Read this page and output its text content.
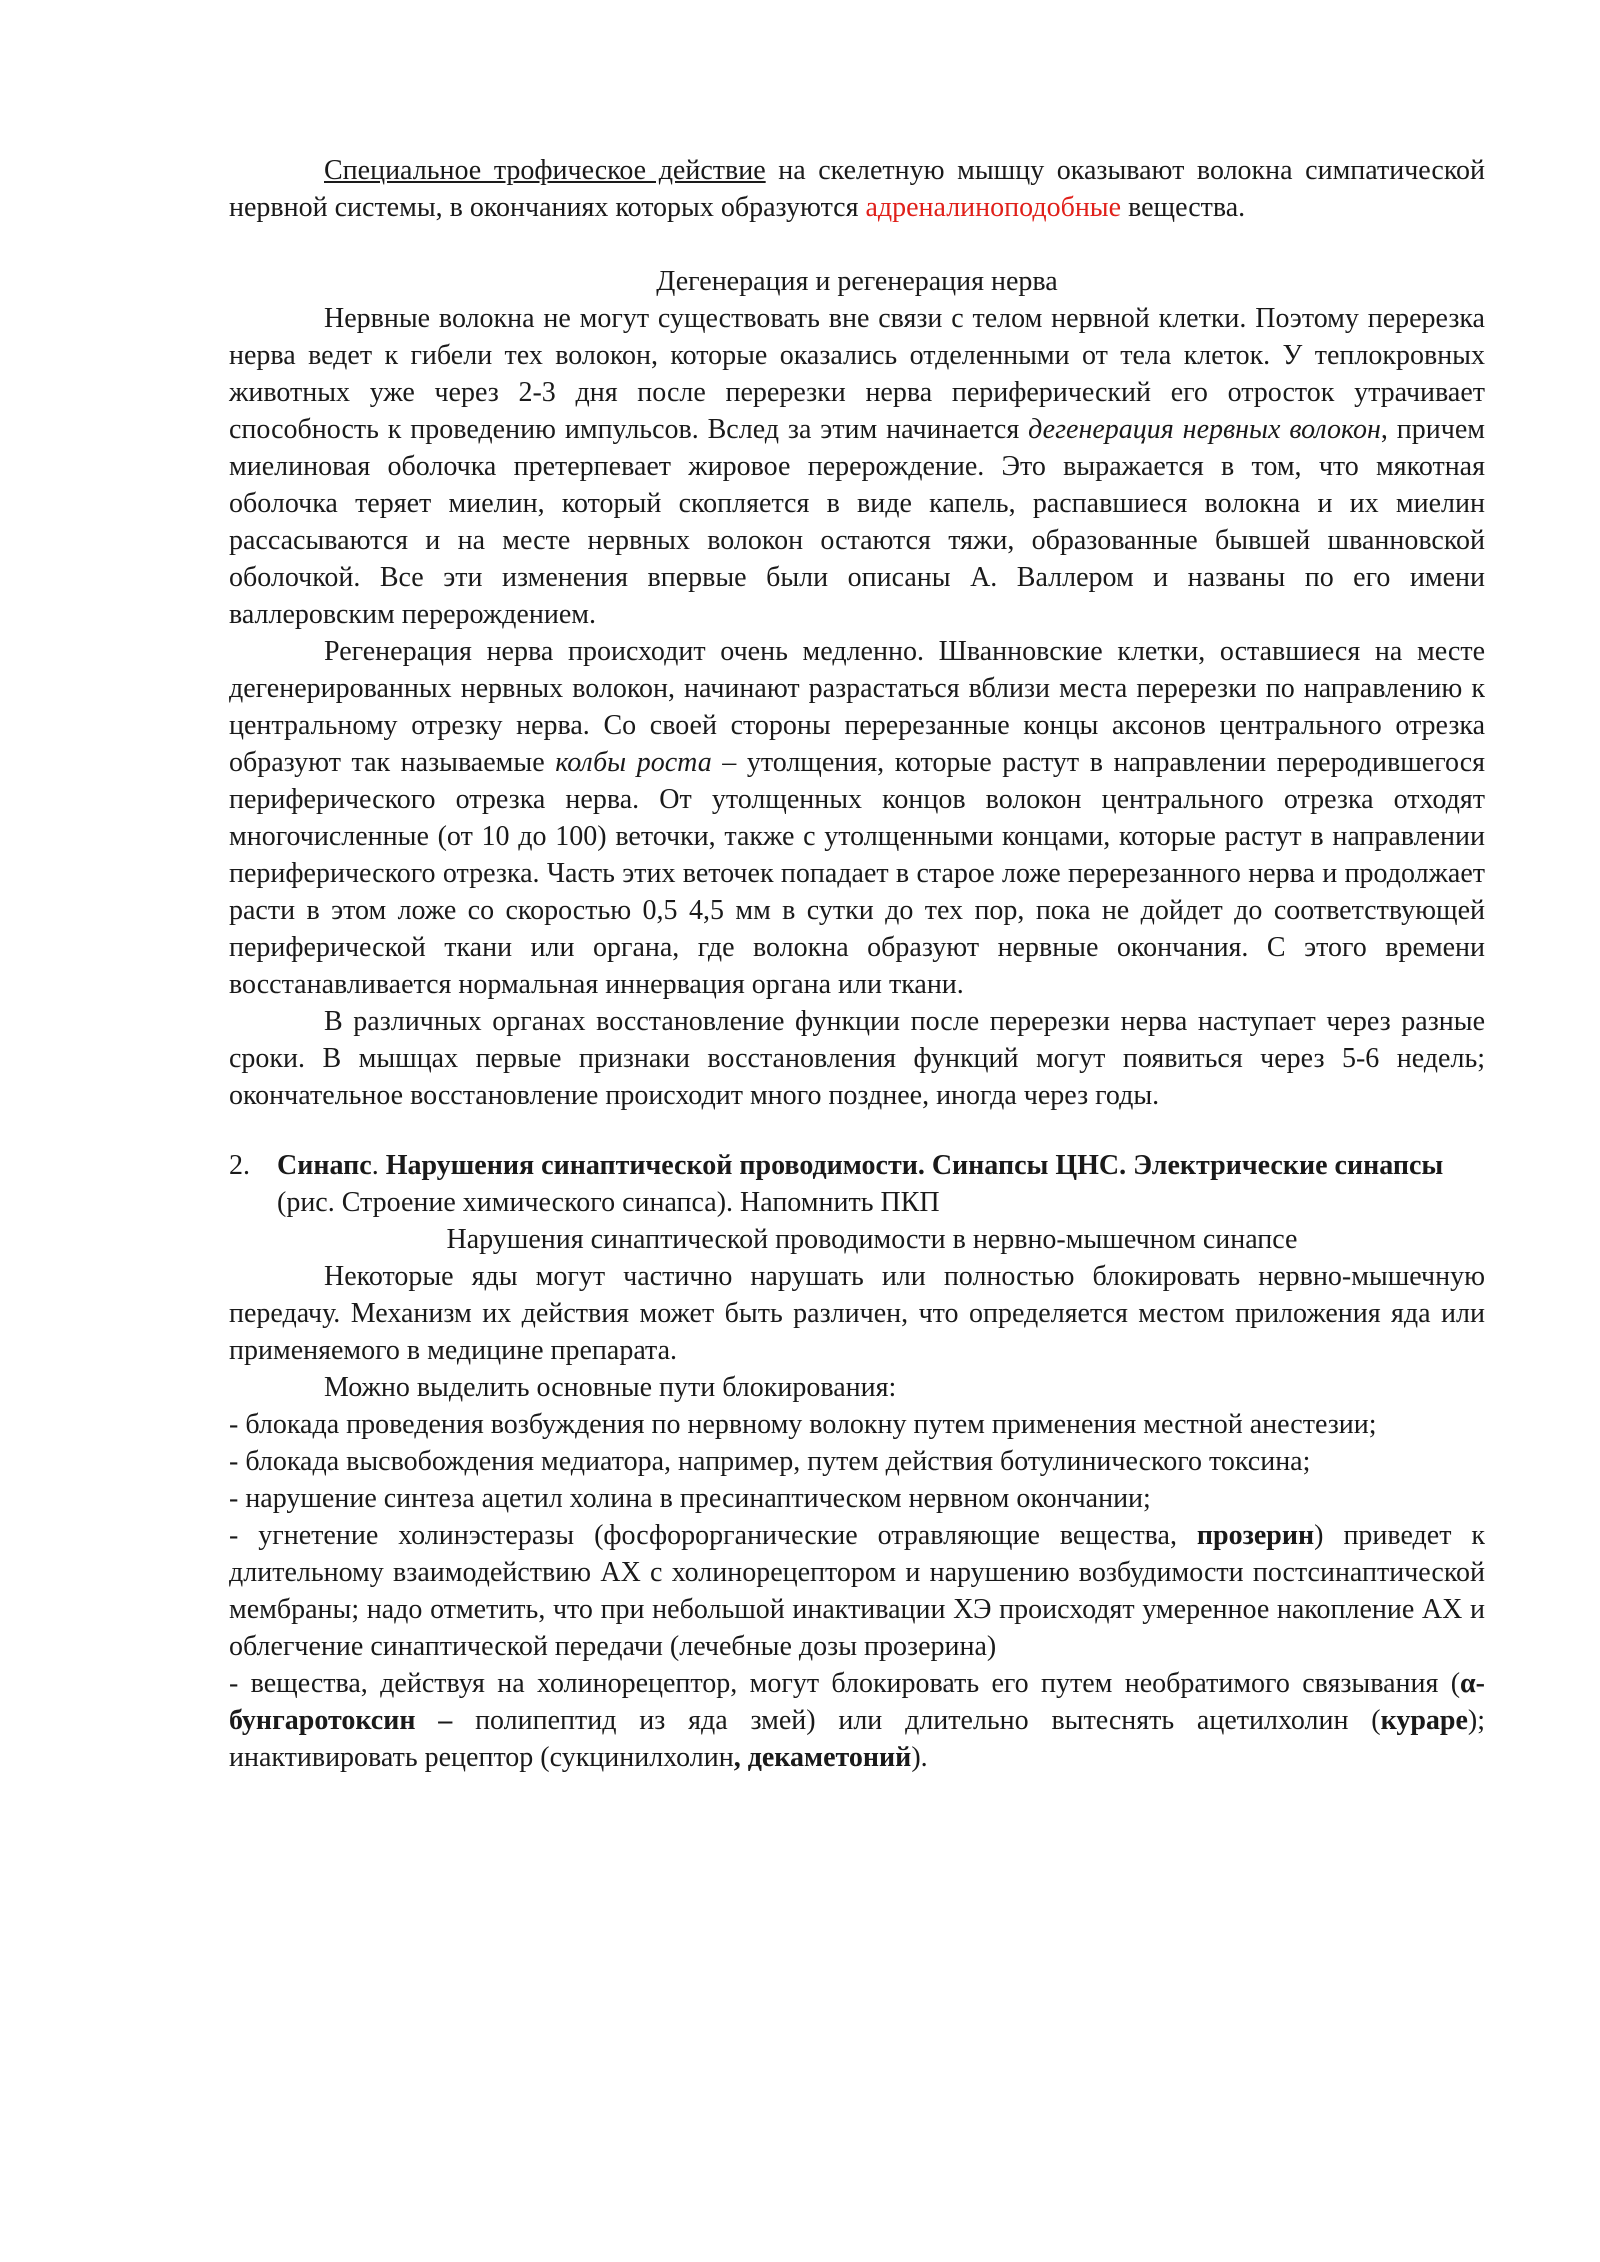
Специальное трофическое действие на скелетную мышцу оказывают волокна симпатической нервной системы, в окончаниях которых образуются адреналиноподобные вещества.

Дегенерация и регенерация нерва

Нервные волокна не могут существовать вне связи с телом нервной клетки. Поэтому перерезка нерва ведет к гибели тех волокон, которые оказались отделенными от тела клеток. У теплокровных животных уже через 2-3 дня после перерезки нерва периферический его отросток утрачивает способность к проведению импульсов. Вслед за этим начинается дегенерация нервных волокон, причем миелиновая оболочка претерпевает жировое перерождение. Это выражается в том, что мякотная оболочка теряет миелин, который скопляется в виде капель, распавшиеся волокна и их миелин рассасываются и на месте нервных волокон остаются тяжи, образованные бывшей шванновской оболочкой. Все эти изменения впервые были описаны А. Валлером и названы по его имени валлеровским перерождением.

Регенерация нерва происходит очень медленно. Шванновские клетки, оставшиеся на месте дегенерированных нервных волокон, начинают разрастаться вблизи места перерезки по направлению к центральному отрезку нерва. Со своей стороны перерезанные концы аксонов центрального отрезка образуют так называемые колбы роста – утолщения, которые растут в направлении переродившегося периферического отрезка нерва. От утолщенных концов волокон центрального отрезка отходят многочисленные (от 10 до 100) веточки, также с утолщенными концами, которые растут в направлении периферического отрезка. Часть этих веточек попадает в старое ложе перерезанного нерва и продолжает расти в этом ложе со скоростью 0,5 4,5 мм в сутки до тех пор, пока не дойдет до соответствующей периферической ткани или органа, где волокна образуют нервные окончания. С этого времени восстанавливается нормальная иннервация органа или ткани.

В различных органах восстановление функции после перерезки нерва наступает через разные сроки. В мышцах первые признаки восстановления функций могут появиться через 5-6 недель; окончательное восстановление происходит много позднее, иногда через годы.

2. Синапс. Нарушения синаптической проводимости. Синапсы ЦНС. Электрические синапсы

(рис. Строение химического синапса). Напомнить ПКП

Нарушения синаптической проводимости в нервно-мышечном синапсе

Некоторые яды могут частично нарушать или полностью блокировать нервно-мышечную передачу. Механизм их действия может быть различен, что определяется местом приложения яда или применяемого в медицине препарата.

Можно выделить основные пути блокирования:

- блокада проведения возбуждения по нервному волокну путем применения местной анестезии;

- блокада высвобождения медиатора, например, путем действия ботулинического токсина;

- нарушение синтеза ацетил холина в пресинаптическом нервном окончании;

- угнетение холинэстеразы (фосфорорганические отравляющие вещества, прозерин) приведет к длительному взаимодействию АХ с холинорецептором и нарушению возбудимости постсинаптической мембраны; надо отметить, что при небольшой инактивации ХЭ происходят умеренное накопление АХ и облегчение синаптической передачи (лечебные дозы прозерина)

- вещества, действуя на холинорецептор, могут блокировать его путем необратимого связывания (α-бунгаротоксин – полипептид из яда змей) или длительно вытеснять ацетилхолин (кураре); инактивировать рецептор (сукцинилхолин, декаметоний).
